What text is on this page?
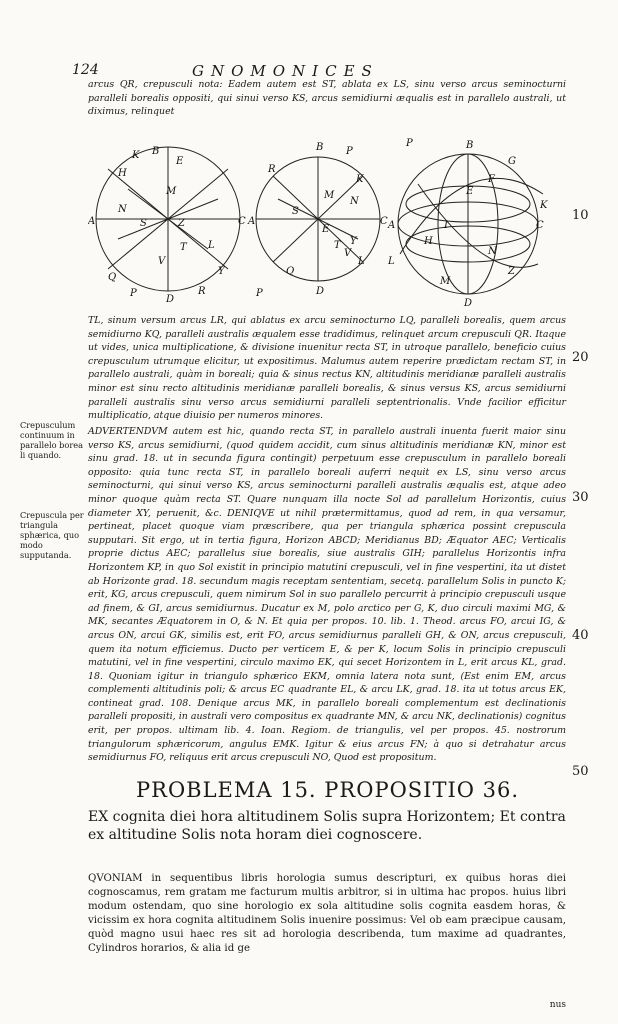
124	GNOMONICES
arcus QR, crepusculi nota: Eadem autem est ST, ablata ex LS, sinu verso arcus seminocturni paralleli borealis oppositi, qui sinui verso KS, arcus semidiurni æqualis est in parallelo australi, ut diximus, relinquet
K B
H
E
M
N
A	S	Z	C
L
T
D
Q
P	R
Y
V
B P
R
K
N
S
M
A
E
C
Y
L
T
V
D
Q
P
P	B
G
F
E
K
A	C
L
H
D
N
Z
M
I
10
TL, sinum versum arcus LR, qui ablatus ex arcu seminocturno LQ, paralleli borealis, quem arcus semidiurno KQ, paralleli australis æqualem esse tradidimus, relinquet arcum crepusculi QR. Itaque ut vides, unica multiplicatione, & divisione inuenitur recta ST, in utroque parallelo, beneficio cuius crepusculum utrumque elicitur, ut expositimus. Malumus autem reperire prædictam rectam ST, in parallelo australi, quàm in boreali; quia & sinus rectus KN, altitudinis meridianæ paralleli australis minor est sinu recto altitudinis meridianæ paralleli borealis, & sinus versus KS, arcus semidiurni paralleli australis sinu verso arcus semidiurni paralleli septentrionalis. Vnde facilior efficitur multiplicatio, atque diuisio per numeros minores.
20
Crepusculum continuum in parallelo borea li quando.
Crepuscula per triangula sphærica, quo modo supputanda.
ADVERTENDVM autem est hic, quando recta ST, in parallelo australi inuenta fuerit maior sinu verso KS, arcus semidiurni, (quod quidem accidit, cum sinus altitudinis meridianæ KN, minor est sinu grad. 18. ut in secunda figura contingit) perpetuum esse crepusculum in parallelo boreali opposito: quia tunc recta ST, in parallelo boreali auferri nequit ex LS, sinu verso arcus seminocturni, qui sinui verso KS, arcus seminocturni paralleli australis æqualis est, atque adeo minor quoque quàm recta ST. Quare nunquam illa nocte Sol ad parallelum Horizontis, cuius diameter XY, peruenit, &c. DENIQVE ut nihil prætermittamus, quod ad rem, in qua versamur, pertineat, placet quoque viam præscribere, qua per triangula sphærica possint crepuscula supputari. Sit ergo, ut in tertia figura, Horizon ABCD; Meridianus BD; Æquator AEC; Verticalis proprie dictus AEC; parallelus siue borealis, siue australis GIH; parallelus Horizontis infra Horizontem KP, in quo Sol existit in principio matutini crepusculi, vel in fine vespertini, ita ut distet ab Horizonte grad. 18. secundum magis receptam sententiam, secetq. parallelum Solis in puncto K; erit, KG, arcus crepusculi, quem nimirum Sol in suo parallelo percurrit à principio crepusculi usque ad finem, & GI, arcus semidiurnus. Ducatur ex M, polo arctico per G, K, duo circuli maximi MG, & MK, secantes Æquatorem in O, & N. Et quia per propos. 10. lib. 1. Theod. arcus FO, arcui IG, & arcus ON, arcui GK, similis est, erit FO, arcus semidiurnus paralleli GH, & ON, arcus crepusculi, quem ita notum efficiemus. Ducto per verticem E, & per K, locum Solis in principio crepusculi matutini, vel in fine vespertini, circulo maximo EK, qui secet Horizontem in L, erit arcus KL, grad. 18. Quoniam igitur in triangulo sphærico EKM, omnia latera nota sunt, (Est enim EM, arcus complementi altitudinis poli; & arcus EC quadrante EL, & arcu LK, grad. 18. ita ut totus arcus EK, contineat grad. 108. Denique arcus MK, in parallelo boreali complementum est declinationis paralleli propositi, in australi vero compositus ex quadrante MN, & arcu NK, declinationis) cognitus erit, per propos. ultimam lib. 4. Ioan. Regiom. de triangulis, vel per propos. 45. nostrorum triangulorum sphæricorum, angulus EMK. Igitur & eius arcus FN; à quo si detrahatur arcus semidiurnus FO, reliquus erit arcus crepusculi NO, Quod est propositum.
30
40
50
PROBLEMA 15. PROPOSITIO 36.
EX cognita diei hora altitudinem Solis supra Horizontem; Et contra ex altitudine Solis nota horam diei cognoscere.
QVONIAM in sequentibus libris horologia sumus descripturi, ex quibus horas diei cognoscamus, rem gratam me facturum multis arbitror, si in ultima hac propos. huius libri modum ostendam, quo sine horologio ex sola altitudine solis cognita easdem horas, & vicissim ex hora cognita altitudinem Solis inuenire possimus: Vel ob eam præcipue causam, quòd magno usui haec res sit ad horologia describenda, tum maxime ad quadrantes, Cylindros horarios, & alia id ge
nus
